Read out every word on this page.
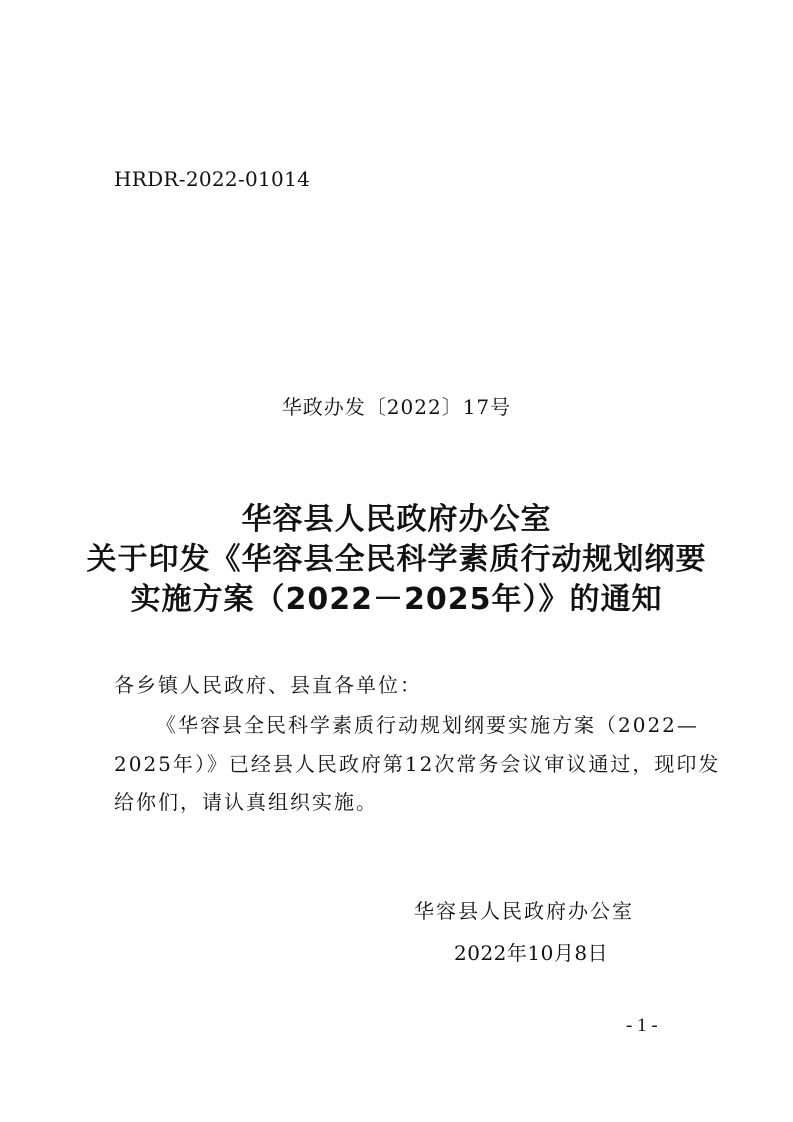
HRDR-2022-01014
华政办发〔2022〕17号
华容县人民政府办公室
关于印发《华容县全民科学素质行动规划纲要
实施方案（2022－2025年）》的通知
各乡镇人民政府、县直各单位：
《华容县全民科学素质行动规划纲要实施方案（2022—
2025年）》已经县人民政府第12次常务会议审议通过，现印发
给你们，请认真组织实施。
华容县人民政府办公室
2022年10月8日
- 1 -
